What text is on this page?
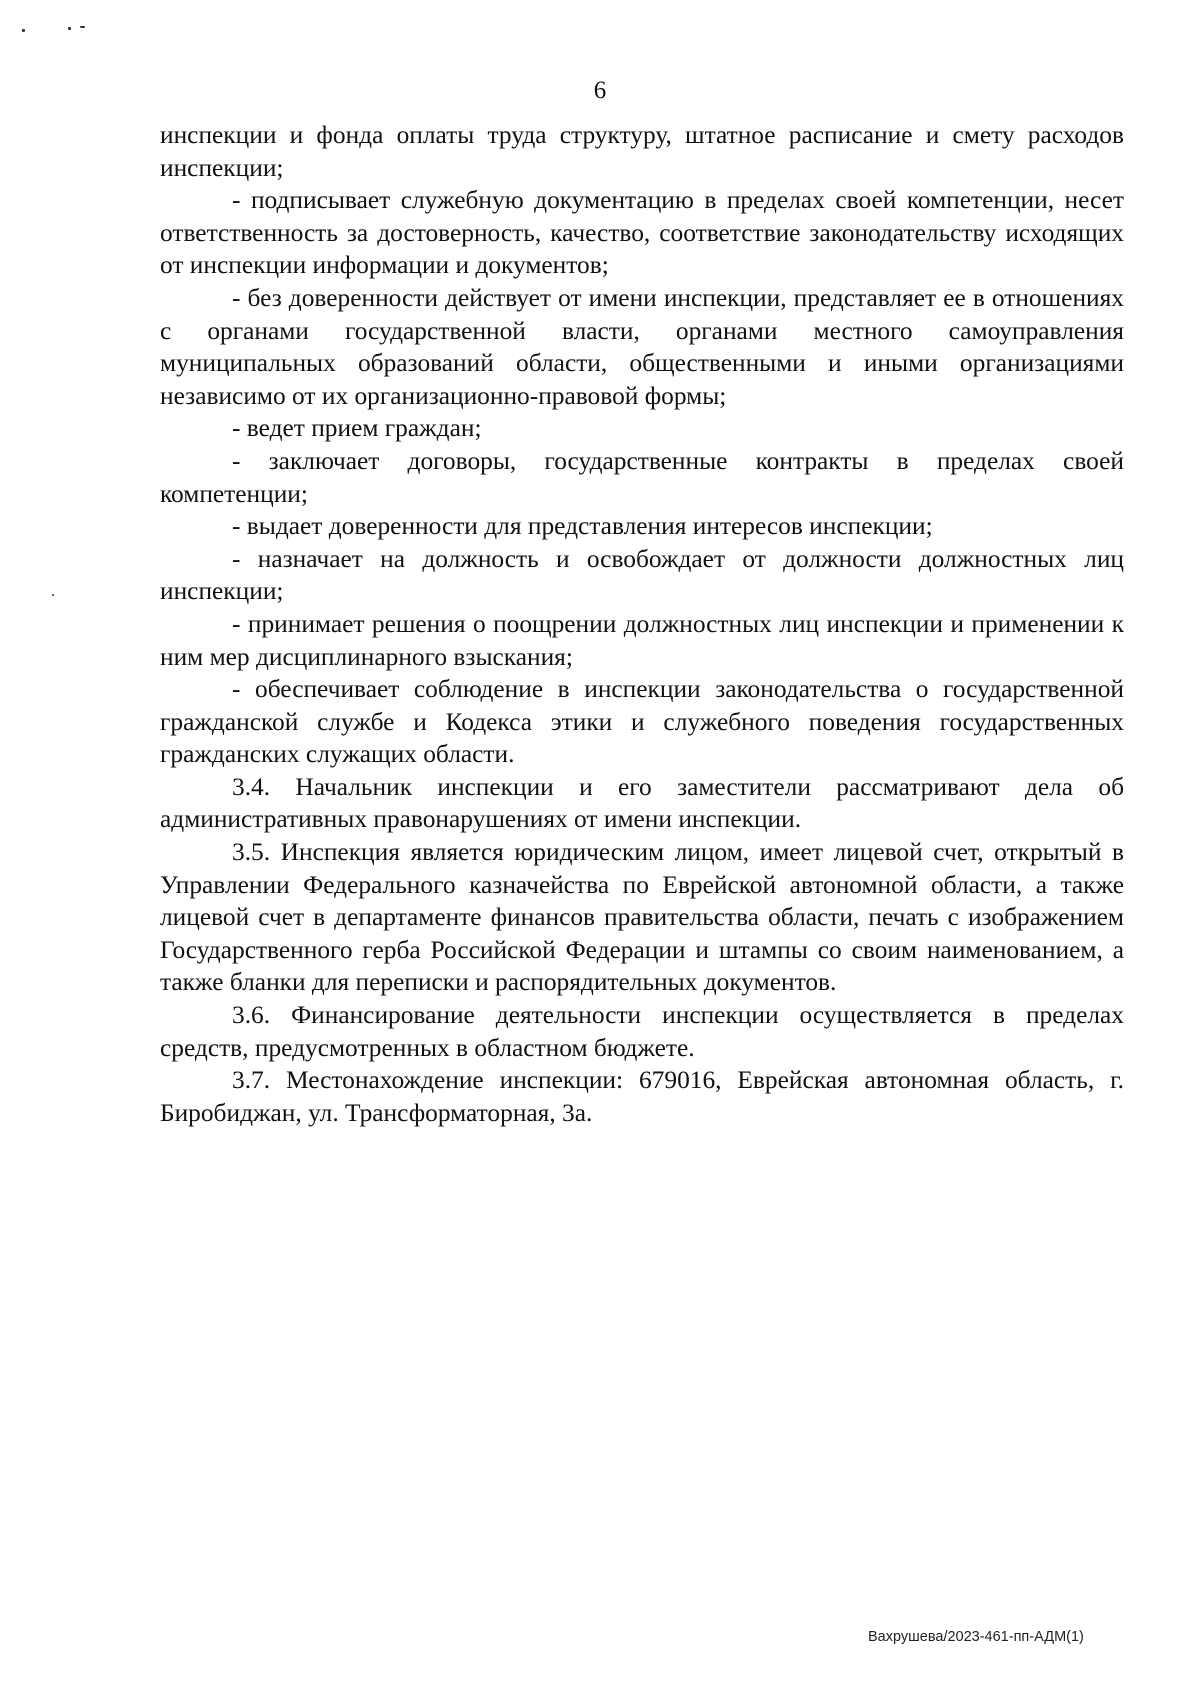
6

инспекции и фонда оплаты труда структуру, штатное расписание и смету расходов инспекции;

- подписывает служебную документацию в пределах своей компетенции, несет ответственность за достоверность, качество, соответствие законодательству исходящих от инспекции информации и документов;

- без доверенности действует от имени инспекции, представляет ее в отношениях с органами государственной власти, органами местного самоуправления муниципальных образований области, общественными и иными организациями независимо от их организационно-правовой формы;

- ведет прием граждан;

- заключает договоры, государственные контракты в пределах своей компетенции;

- выдает доверенности для представления интересов инспекции;

- назначает на должность и освобождает от должности должностных лиц инспекции;

- принимает решения о поощрении должностных лиц инспекции и применении к ним мер дисциплинарного взыскания;

- обеспечивает соблюдение в инспекции законодательства о государственной гражданской службе и Кодекса этики и служебного поведения государственных гражданских служащих области.

3.4. Начальник инспекции и его заместители рассматривают дела об административных правонарушениях от имени инспекции.

3.5. Инспекция является юридическим лицом, имеет лицевой счет, открытый в Управлении Федерального казначейства по Еврейской автономной области, а также лицевой счет в департаменте финансов правительства области, печать с изображением Государственного герба Российской Федерации и штампы со своим наименованием, а также бланки для переписки и распорядительных документов.

3.6. Финансирование деятельности инспекции осуществляется в пределах средств, предусмотренных в областном бюджете.

3.7. Местонахождение инспекции: 679016, Еврейская автономная область, г. Биробиджан, ул. Трансформаторная, 3а.

Вахрушева/2023-461-пп-АДМ(1)
